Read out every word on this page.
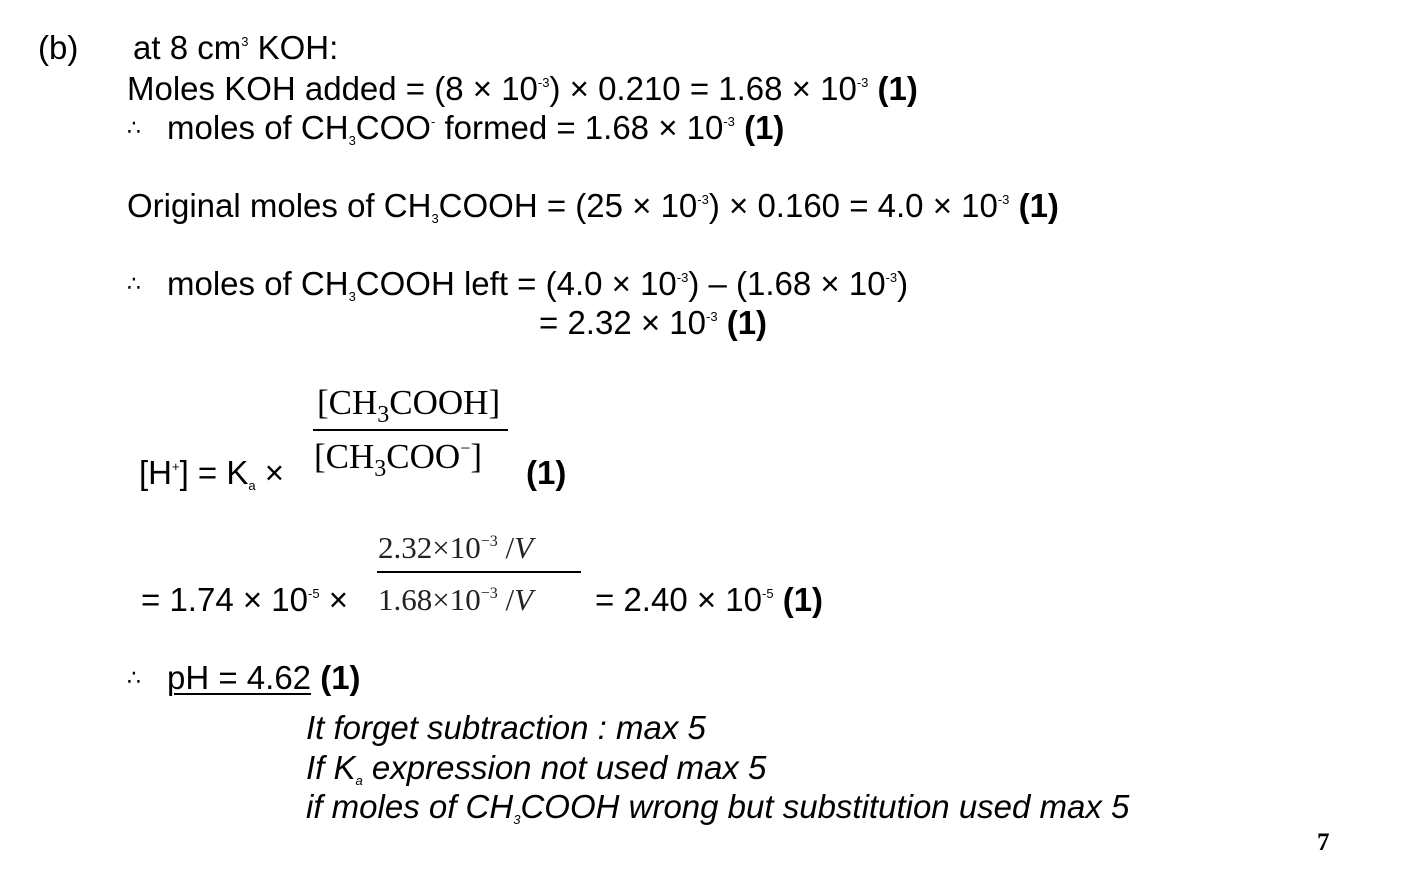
(b) at 8 $cm^3$ KOH:
Moles KOH added = $(8 \times 10^{-3}) \times 0.210 = 1.68 \times 10^{-3}$ (1)
∴ moles of CH3COO- formed = $1.68 \times 10^{-3}$ (1)
Original moles of CH3COOH = $(25 \times 10^{-3}) \times 0.160 = 4.0 \times 10^{-3}$ (1)
∴ moles of CH3COOH left = $(4.0 \times 10^{-3}) - (1.68 \times 10^{-3})$
= $2.32 \times 10^{-3}$ (1)
$[CH_3COOH]$
$[CH_3COO^-]$
[H+] = Ka ×	(1)
$2.32\times 10^{-3}$ /V
$1.68\times 10^{-3}$ /V
= $1.74 \times 10^{-5}$ ×	= $2.40 \times 10^{-5}$ (1)
∴ pH = 4.62 (1)
It forget subtraction : max 5
If Ka expression not used max 5
if moles of CH3COOH wrong but substitution used max 5
7
